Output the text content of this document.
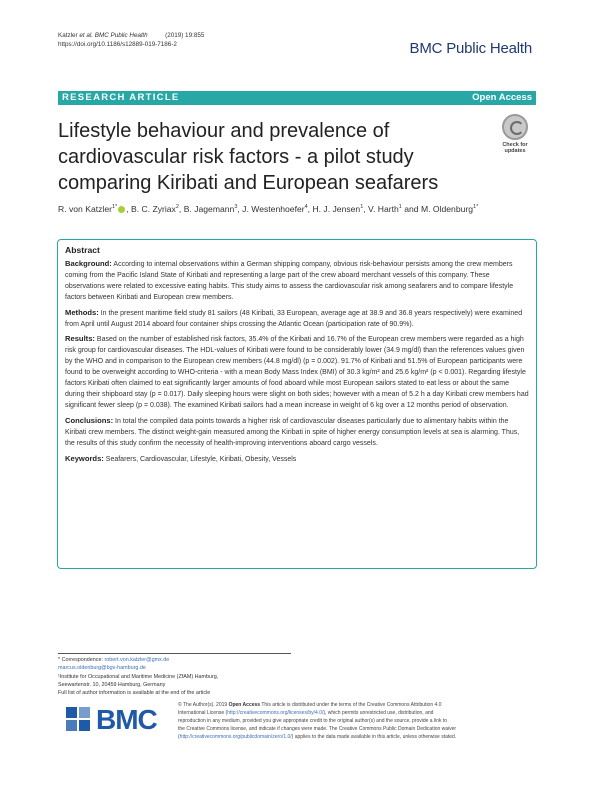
Katzler et al. BMC Public Health	(2019) 19:855
https://doi.org/10.1186/s12889-019-7186-2	BMC Public Health
RESEARCH ARTICLE	Open Access
Lifestyle behaviour and prevalence of cardiovascular risk factors - a pilot study comparing Kiribati and European seafarers
Check for
updates
R. von Katzler$^{1*}$ , B. C. Zyriax$^2$, B. Jagemann$^3$, J. Westenhoefer$^4$, H. J. Jensen$^1$, V. Harth$^1$ and M. Oldenburg$^{1*}$
Abstract

Background: According to internal observations within a German shipping company, obvious risk-behaviour persists among the crew members coming from the Pacific Island State of Kiribati and representing a large part of the crew aboard merchant vessels of this company. These observations were related to excessive eating habits. This study aims to assess the cardiovascular risk among seafarers and to compare lifestyle factors between Kiribati and European crew members.

Methods: In the present maritime field study 81 sailors (48 Kiribati, 33 European, average age at 38.9 and 36.8 years respectively) were examined from April until August 2014 aboard four container ships crossing the Atlantic Ocean (participation rate of 90.9%).

Results: Based on the number of established risk factors, 35.4% of the Kiribati and 16.7% of the European crew members were regarded as a high risk group for cardiovascular diseases. The HDL-values of Kiribati were found to be considerably lower (34.9 mg/dl) than the references values given by the WHO and in comparison to the European crew members (44.8 mg/dl) (p = 0.002). 91.7% of Kiribati and 51.5% of European participants were found to be overweight according to WHO-criteria - with a mean Body Mass Index (BMI) of 30.3 kg/m² and 25.6 kg/m² (p < 0.001). Regarding lifestyle factors Kiribati often claimed to eat significantly larger amounts of food aboard while most European sailors stated to eat less or about the same during their shipboard stay (p = 0.017). Daily sleeping hours were slight on both sides; however with a mean of 5.2 h a day Kiribati crew members had significant fewer sleep (p = 0.038). The examined Kiribati sailors had a mean increase in weight of 6 kg over a 12 months period of observation.

Conclusions: In total the compiled data points towards a higher risk of cardiovascular diseases particularly due to alimentary habits within the Kiribati crew members. The distinct weight-gain measured among the Kiribati in spite of higher energy consumption levels at sea is alarming. Thus, the results of this study confirm the necessity of health-improving interventions aboard cargo vessels.

Keywords: Seafarers, Cardiovascular, Lifestyle, Kiribati, Obesity, Vessels

* Correspondence: robert.von.katzler@gmx.de
marcus.oldenburg@bgv-hamburg.de
¹Institute for Occupational and Maritime Medicine (ZfAM) Hamburg,
Seewartenstr. 10, 20459 Hamburg, Germany
Full list of author information is available at the end of the article
BMC	© The Author(s). 2019 Open Access This article is distributed under the terms of the Creative Commons Attribution 4.0
International License (http://creativecommons.org/licenses/by/4.0/), which permits unrestricted use, distribution, and
reproduction in any medium, provided you give appropriate credit to the original author(s) and the source, provide a link to
the Creative Commons license, and indicate if changes were made. The Creative Commons Public Domain Dedication waiver
(http://creativecommons.org/publicdomain/zero/1.0/) applies to the data made available in this article, unless otherwise stated.
